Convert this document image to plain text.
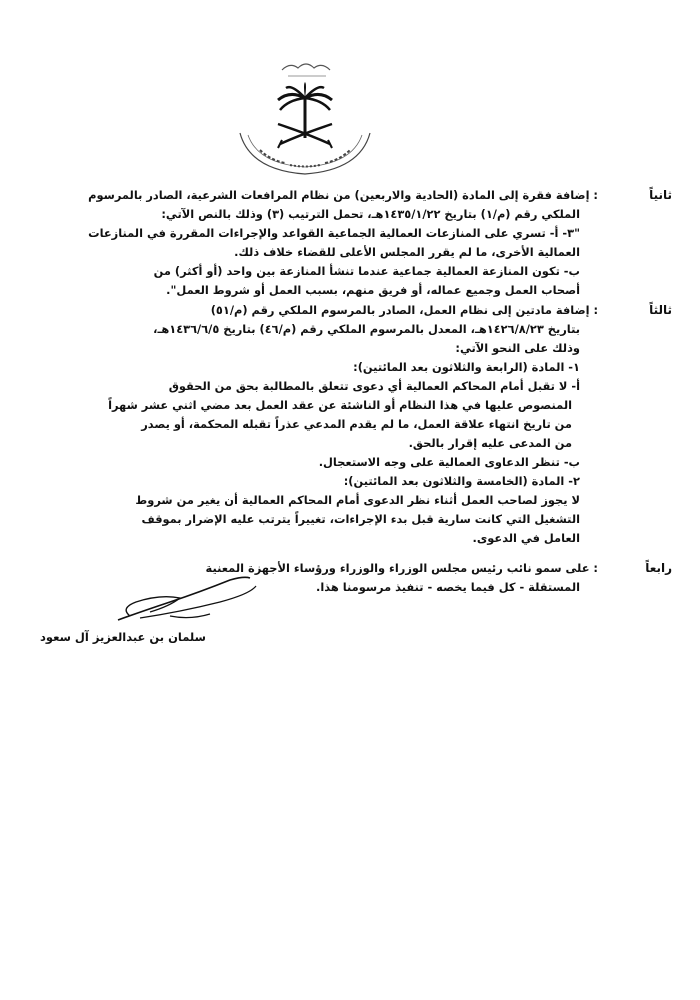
ثانياً
ثالثاً
رابعاً

: إضافة فقرة إلى المادة (الحادية والاربعين) من نظام المرافعات الشرعية، الصادر بالمرسوم

الملكي رقم (م/١) بتاريخ ١٤٣٥/١/٢٢هـ، تحمل الترتيب (٣) وذلك بالنص الآتي:

"٣- أ- تسري على المنازعات العمالية الجماعية القواعد والإجراءات المقررة في المنازعات

العمالية الأخرى، ما لم يقرر المجلس الأعلى للقضاء خلاف ذلك.

ب- تكون المنازعة العمالية جماعية عندما تنشأ المنازعة بين واحد (أو أكثر) من

أصحاب العمل وجميع عماله، أو فريق منهم، بسبب العمل أو شروط العمل".

: إضافة مادتين إلى نظام العمل، الصادر بالمرسوم الملكي رقم (م/٥١)

بتاريخ ١٤٢٦/٨/٢٣هـ، المعدل بالمرسوم الملكي رقم (م/٤٦) بتاريخ ١٤٣٦/٦/٥هـ،

وذلك على النحو الآتي:

١- المادة (الرابعة والثلاثون بعد المائتين):

أ- لا تقبل أمام المحاكم العمالية أي دعوى تتعلق بالمطالبة بحق من الحقوق

المنصوص عليها في هذا النظام أو الناشئة عن عقد العمل بعد مضي اثني عشر شهراً

من تاريخ انتهاء علاقة العمل، ما لم يقدم المدعي عذراً تقبله المحكمة، أو يصدر

من المدعى عليه إقرار بالحق.

ب- تنظر الدعاوى العمالية على وجه الاستعجال.

٢- المادة (الخامسة والثلاثون بعد المائتين):

لا يجوز لصاحب العمل أثناء نظر الدعوى أمام المحاكم العمالية أن يغير من شروط

التشغيل التي كانت سارية قبل بدء الإجراءات، تغييراً يترتب عليه الإضرار بموقف

العامل في الدعوى.

: على سمو نائب رئيس مجلس الوزراء والوزراء ورؤساء الأجهزة المعنية

المستقلة - كل فيما يخصه - تنفيذ مرسومنا هذا.

سلمان بن عبدالعزيز آل سعود
